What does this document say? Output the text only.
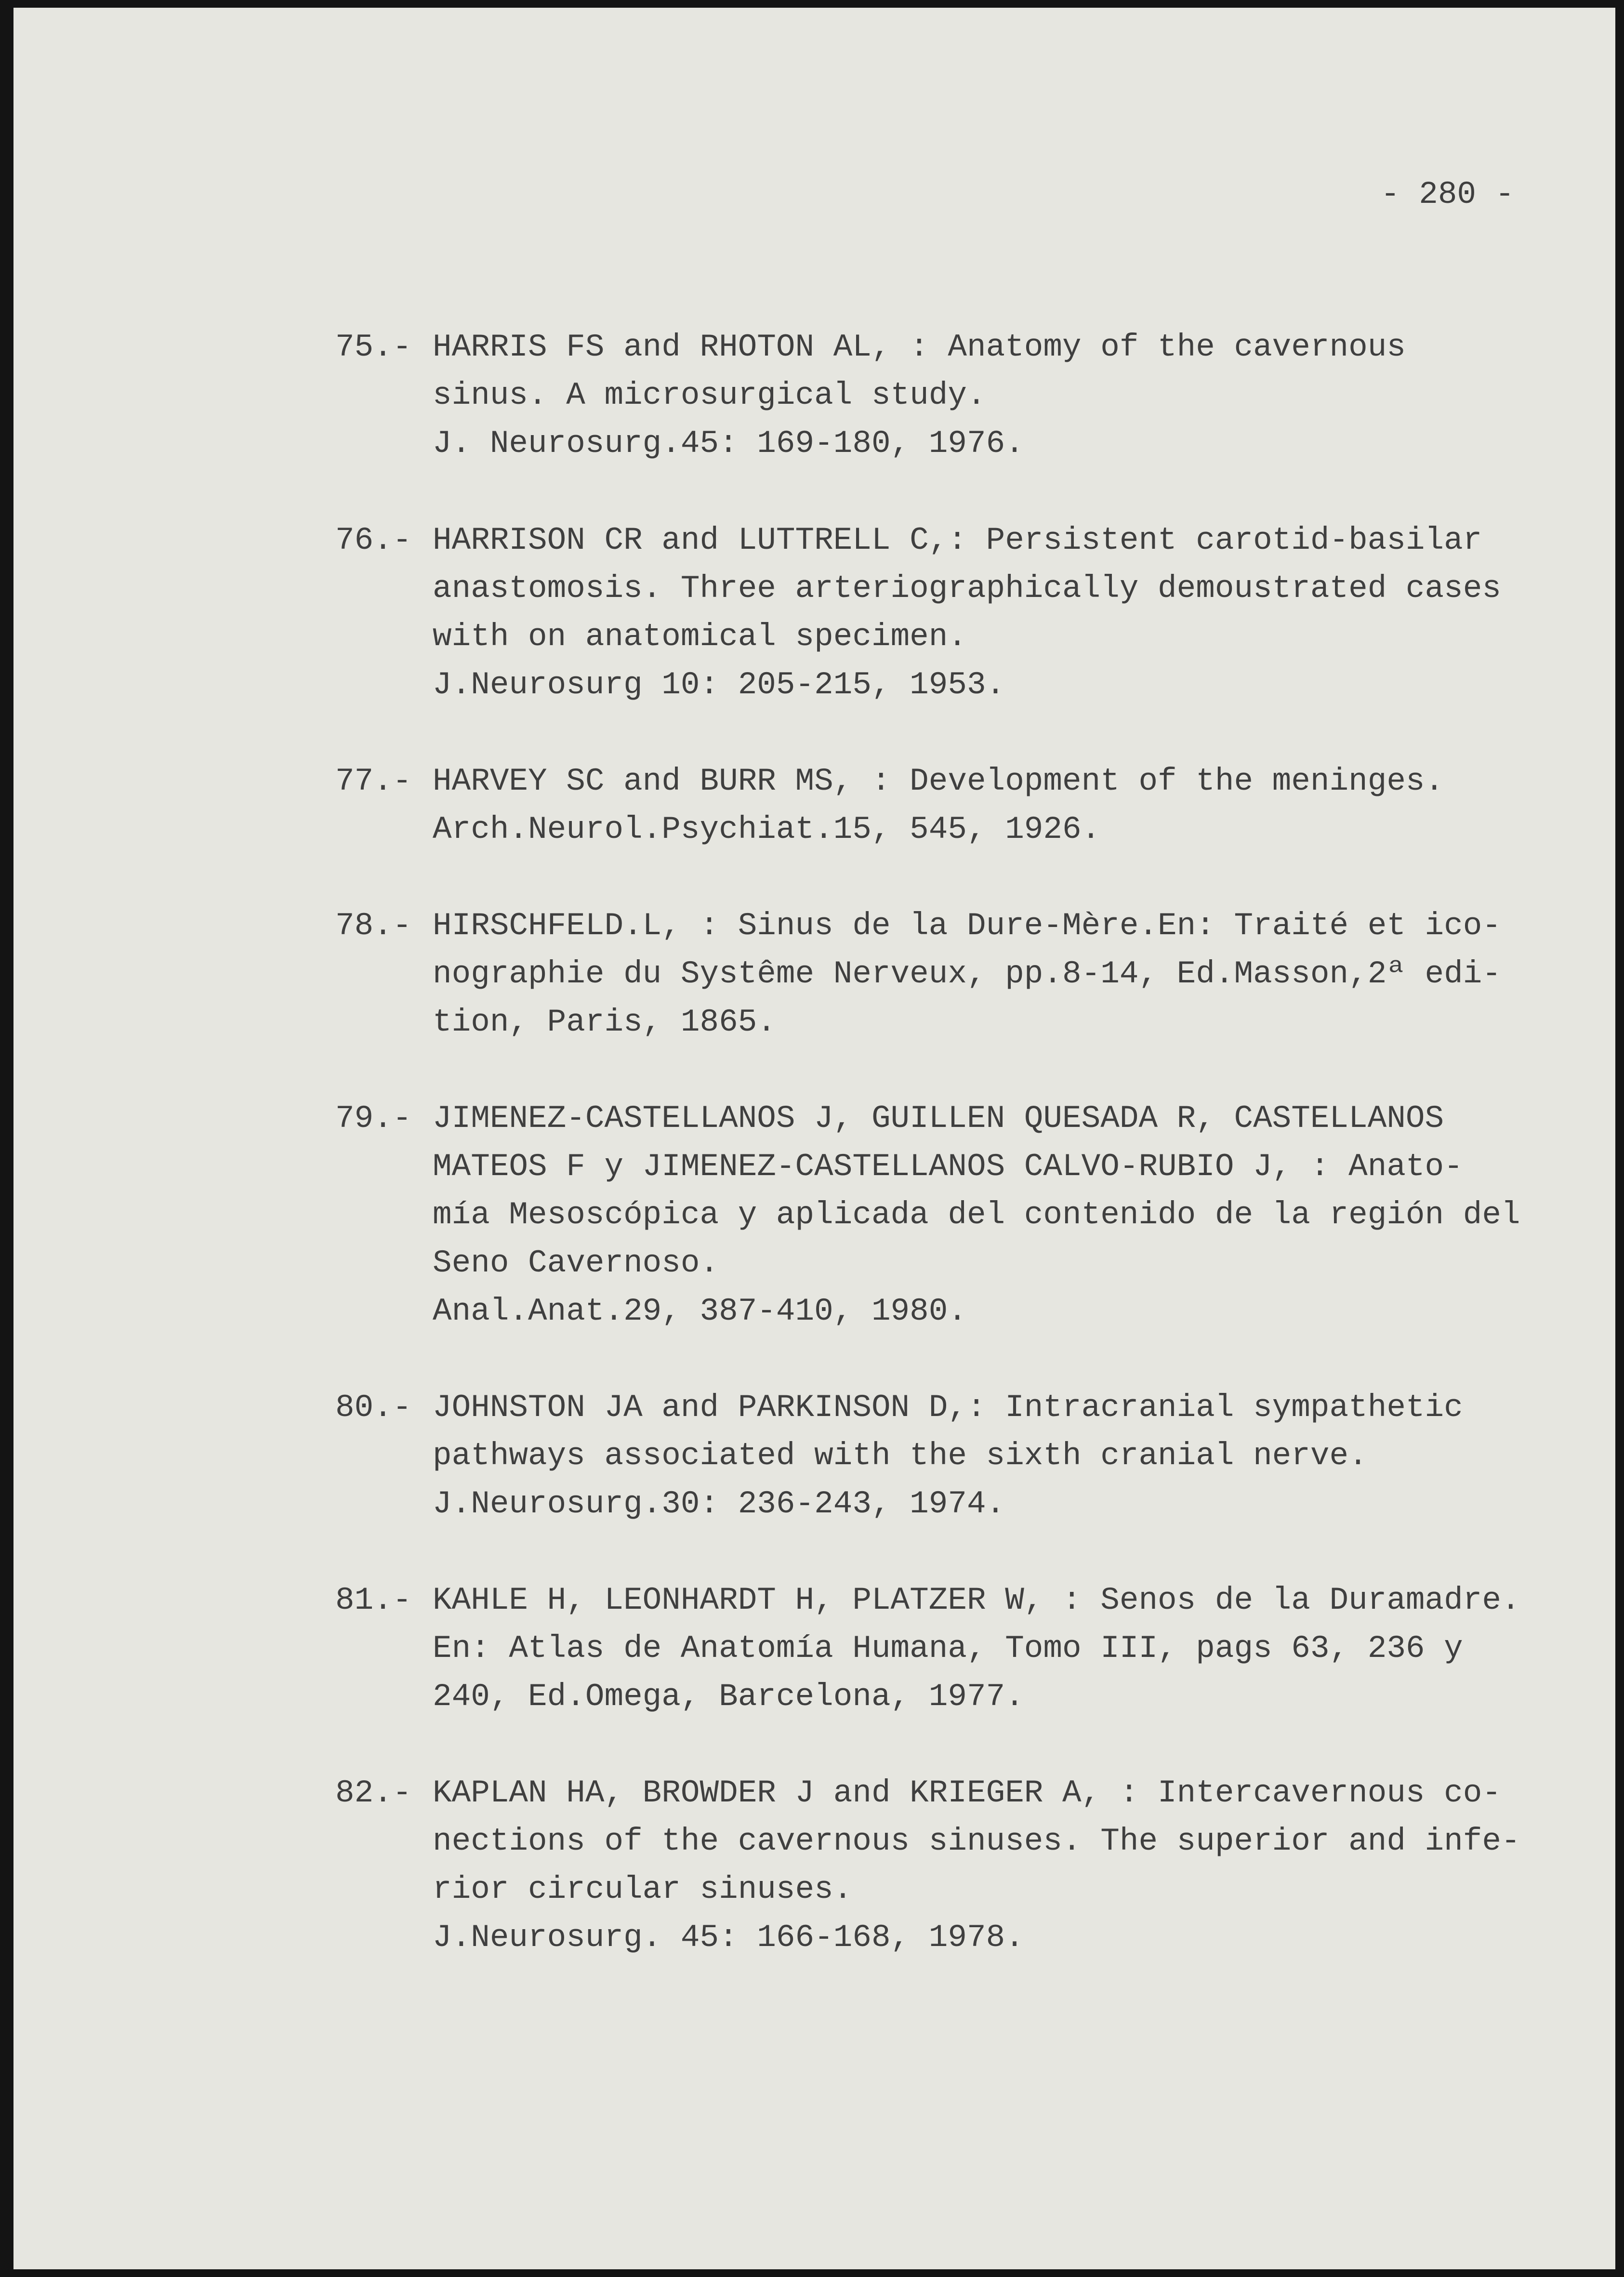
- 280 -

75.- HARRIS FS and RHOTON AL, : Anatomy of the cavernous
sinus. A microsurgical study.
J. Neurosurg.45: 169-180, 1976.
76.- HARRISON CR and LUTTRELL C,: Persistent carotid-basilar
anastomosis. Three arteriographically demoustrated cases
with on anatomical specimen.
J.Neurosurg 10: 205-215, 1953.
77.- HARVEY SC and BURR MS, : Development of the meninges.
Arch.Neurol.Psychiat.15, 545, 1926.
78.- HIRSCHFELD.L, : Sinus de la Dure-Mère.En: Traité et ico-
nographie du Systême Nerveux, pp.8-14, Ed.Masson,2ª edi-
tion, Paris, 1865.
79.- JIMENEZ-CASTELLANOS J, GUILLEN QUESADA R, CASTELLANOS
MATEOS F y JIMENEZ-CASTELLANOS CALVO-RUBIO J, : Anato-
mía Mesoscópica y aplicada del contenido de la región del
Seno Cavernoso.
Anal.Anat.29, 387-410, 1980.
80.- JOHNSTON JA and PARKINSON D,: Intracranial sympathetic
pathways associated with the sixth cranial nerve.
J.Neurosurg.30: 236-243, 1974.
81.- KAHLE H, LEONHARDT H, PLATZER W, : Senos de la Duramadre.
En: Atlas de Anatomía Humana, Tomo III, pags 63, 236 y
240, Ed.Omega, Barcelona, 1977.
82.- KAPLAN HA, BROWDER J and KRIEGER A, : Intercavernous co-
nections of the cavernous sinuses. The superior and infe-
rior circular sinuses.
J.Neurosurg. 45: 166-168, 1978.
